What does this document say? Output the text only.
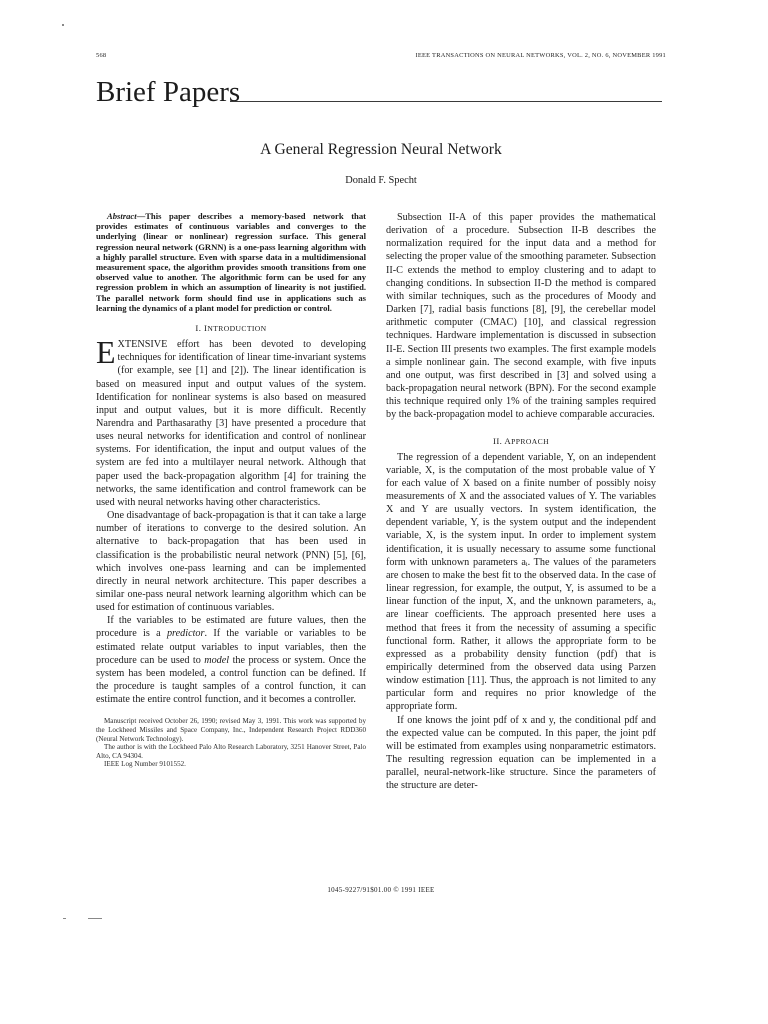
568	IEEE TRANSACTIONS ON NEURAL NETWORKS, VOL. 2, NO. 6, NOVEMBER 1991
Brief Papers
A General Regression Neural Network
Donald F. Specht

Abstract—This paper describes a memory-based network that provides estimates of continuous variables and converges to the underlying (linear or nonlinear) regression surface. This general regression neural network (GRNN) is a one-pass learning algorithm with a highly parallel structure. Even with sparse data in a multidimensional measurement space, the algorithm provides smooth transitions from one observed value to another. The algorithmic form can be used for any regression problem in which an assumption of linearity is not justified. The parallel network form should find use in applications such as learning the dynamics of a plant model for prediction or control.

I. INTRODUCTION

EXTENSIVE effort has been devoted to developing techniques for identification of linear time-invariant systems (for example, see [1] and [2]). The linear identification is based on measured input and output values of the system. Identification for nonlinear systems is also based on measured input and output values, but it is more difficult. Recently Narendra and Parthasarathy [3] have presented a procedure that uses neural networks for identification and control of nonlinear systems. For identification, the input and output values of the system are fed into a multilayer neural network. Although that paper used the back-propagation algorithm [4] for training the networks, the same identification and control framework can be used with neural networks having other characteristics.

One disadvantage of back-propagation is that it can take a large number of iterations to converge to the desired solution. An alternative to back-propagation that has been used in classification is the probabilistic neural network (PNN) [5], [6], which involves one-pass learning and can be implemented directly in neural network architecture. This paper describes a similar one-pass neural network learning algorithm which can be used for estimation of continuous variables.

If the variables to be estimated are future values, then the procedure is a predictor. If the variable or variables to be estimated relate output variables to input variables, then the procedure can be used to model the process or system. Once the system has been modeled, a control function can be defined. If the procedure is taught samples of a control function, it can estimate the entire control function, and it becomes a controller.

Manuscript received October 26, 1990; revised May 3, 1991. This work was supported by the Lockheed Missiles and Space Company, Inc., Independent Research Project RDD360 (Neural Network Technology).

The author is with the Lockheed Palo Alto Research Laboratory, 3251 Hanover Street, Palo Alto, CA 94304.

IEEE Log Number 9101552.

Subsection II-A of this paper provides the mathematical derivation of a procedure. Subsection II-B describes the normalization required for the input data and a method for selecting the proper value of the smoothing parameter. Subsection II-C extends the method to employ clustering and to adapt to changing conditions. In subsection II-D the method is compared with similar techniques, such as the procedures of Moody and Darken [7], radial basis functions [8], [9], the cerebellar model arithmetic computer (CMAC) [10], and classical regression techniques. Hardware implementation is discussed in subsection II-E. Section III presents two examples. The first example models a simple nonlinear gain. The second example, with five inputs and one output, was first described in [3] and solved using a back-propagation neural network (BPN). For the second example this technique required only 1% of the training samples required by the back-propagation model to achieve comparable accuracies.

II. APPROACH

The regression of a dependent variable, Y, on an independent variable, X, is the computation of the most probable value of Y for each value of X based on a finite number of possibly noisy measurements of X and the associated values of Y. The variables X and Y are usually vectors. In system identification, the dependent variable, Y, is the system output and the independent variable, X, is the system input. In order to implement system identification, it is usually necessary to assume some functional form with unknown parameters aᵢ. The values of the parameters are chosen to make the best fit to the observed data. In the case of linear regression, for example, the output, Y, is assumed to be a linear function of the input, X, and the unknown parameters, aᵢ, are linear coefficients. The approach presented here uses a method that frees it from the necessity of assuming a specific functional form. Rather, it allows the appropriate form to be expressed as a probability density function (pdf) that is empirically determined from the observed data using Parzen window estimation [11]. Thus, the approach is not limited to any particular form and requires no prior knowledge of the appropriate form.

If one knows the joint pdf of x and y, the conditional pdf and the expected value can be computed. In this paper, the joint pdf will be estimated from examples using nonparametric estimators. The resulting regression equation can be implemented in a parallel, neural-network-like structure. Since the parameters of the structure are deter-

1045-9227/91$01.00 © 1991 IEEE
